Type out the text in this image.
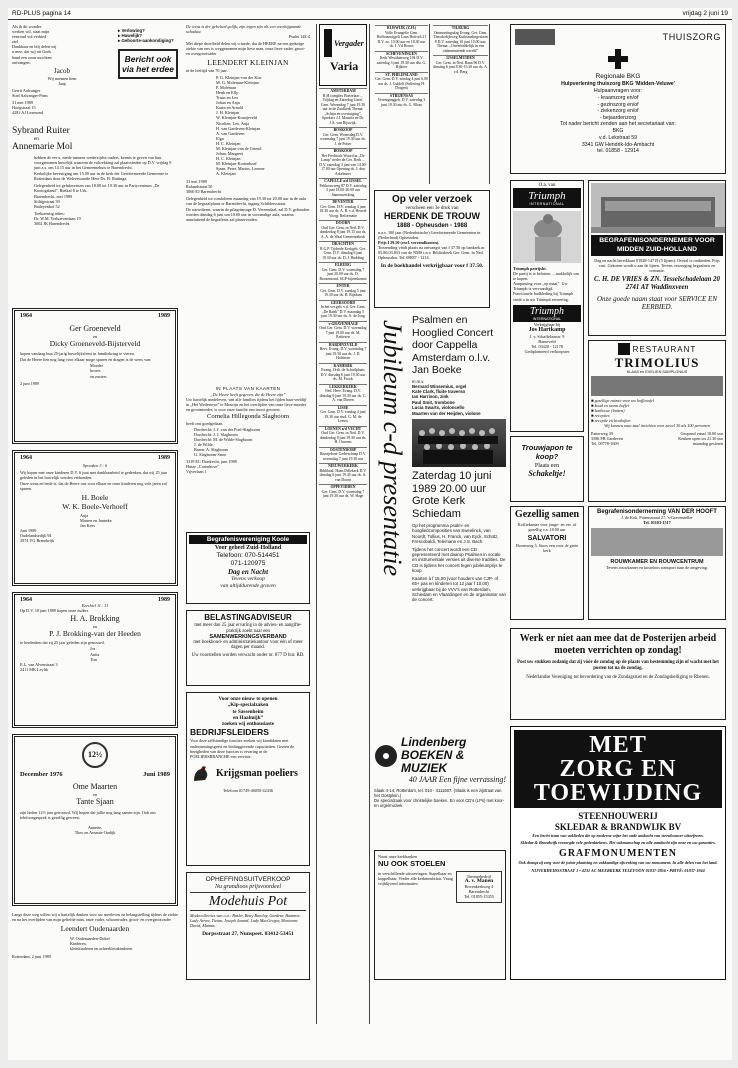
RD-PLUS pagina 14	vrijdag 2 juni 19
Als ik dit wonder
werken wil, staat mijn
eenvoud vol verbied
ziel
Dankbaar en blij delen wij
u mee, dat wij uit Gods
hand een zoon mochten
ontvangen:
Jacob
Wij noemen hem
Jaap
Gerrit Aalvanger
Stiel Aalvanger-Prins
31 mei 1989
Hoogstraat 15
4281 AJ Lexmond
▸ Verlowing?
▸ Huwelijk?
▸ Geboorte-aankondiging?
Bericht ook via het erdee
Sybrand Ruiter
en
Annemarie Mol

hebben de eer u, mede namens wederzijdse ouders, kennis te geven van hun voorgenomen huwelijk waarvan de voltrekking zal plaatsvinden op D.V. vrijdag 9 juni a.s. om 14.15 uur in het Gemeentehuis te Barendrecht.

Kerkelijke bevestiging om 15.00 uur in de kerk der Gereformeerde Gemeente te Rotterdam door de Weleerwaarde Heer Ds. B. Rattinga.

Gelegenheid tot gelukwensen van 18.00 tot 19.30 uur in Partycentrum „De Kooiogaland”, Rietkal 8 te Urk.

Barendrecht, mei 1989
Stiltijpstraat 39
Baileyenhof 52
Toekomstig adres:
Dr. W.M. Verhoevenlaan 19
3002 JK Barendrecht
1964	1989
Ger Groeneveld
en
Dicky Groeneveld-Bijsterveld

hopen vandaag hun 25-jarig huwelijksfeest in familiekring te vieren.

Dat de Heere hen nog lang voor elkaar moge sparen en dragen is de wens van:

Moeder
broers
en zusters
2 juni 1989
1964	1989
Spreuken 3 : 6

Wij hopen met onze kinderen D.V. 6 juni met dankbaarheid te gedenken, dat wij 25 jaar geleden in het huwelijk werden verbonden.

Onze wens en bede is, dat de Heere ons voor elkaar en onze kinderen nog vele jaren zal sparen.

H. Boele
W. K. Boele-Verhoeff
Anja
Marten en Janneke
Jan Kees
Juni 1989
Oudelandsedijk 94
2974 VG Brandwijk
1964	1989
Ezechiel 11 : 11

Op D.V. 10 juni 1989 hopen onze ouders

H. A. Brokking
en
P. J. Brokking-van der Heeden

te herdenken dat zij 25 jaar geleden zijn getrouwd.

Jos
Anita
Tim
E.L. van Alvenstraat 3
2411 MK Leylik
12½
December 1976	Juni 1989
Ome Maarten
en
Tante Sjaan

zijn heden 12½ jaar getrouwd. Wij hopen dat jullie nog lang samen zijn. Ook ons telefoongesprek is gezellig geweest.

Annette,
Theo en Arnaute Oudijk

Langs deze weg willen wij u hartelijk danken voor uw meeleven en belangstelling tijdens de ziekte en na het overlijden van mijn geliefde man, onze vader, schoonvader, groot- en overgrootvader

Leendert Oudenaarden
W. Oudenaarden-Dukel
Kinderen,
kleinkinderen en achterkleinkinderen
Rotterdam, 2 juni 1989
De wens is der gebelsed gelijk; zijn ingen zijn als een voorbijgaande schaduw.
Psalm 144:4

Met diepe droefheid delen wij u mede, dat de HEERE na een gedurige ziekte van ons is weggenomen mijn lieve man, onze lieve vader, groot- en overgrootvader

LEENDERT KLEINJAN
in de leeftijd van 76 jaar.
P. G. Kleinjan-van der Kist
M. G. Molenaar-Kleinjan
P. Molenaar
Henk en Elly
Truus en Leo
Johan en Anja
Karin en Arnold
J. H. Kleinjan
W. Kleinjan-Kraaijeveld
Nicolien, Leo, Anja
H. van Gardeven-Kleinjan
A. van Gardeven
Elga
H. C. Kleinjan
M. Kleinjan-van de Griend
Johan, Margreet
H. C. Kleinjan
M. Kleinjan-Kortenhoef
Sjaan, Peter, Marius, Leonne
A. Kleinjan
31 mei 1989
Rolandstraat 50
3060 EJ Barendrecht

Gelegenheid tot condoleren maandag van 19.30 tot 20.00 uur in de aula van de begraafplaats te Barendrecht, ingang Schildersstraat.

De rouwdienst, waarin de pilagrimsage D. Vereendaal, zal D.V. gehouden worden dinsdag 6 juni om 10.00 uur in voormalige aula, waarna aansluitend de begrafenis zal plaatsvinden.

IN PLAATS VAN KAARTEN
„De Heere heeft gegeven, die de Heere zijn”

Uw hartelijk medeleven, van alle families tijdens het lijden haar verblijf in „Het Wedesteyn” te Mourijn en het overlijden van onze lieve moeder en grootmoeder, is voor onze familie een troost geweest.

Cornelia Hillegonda Slagboom
heeft ons goedgedaan.
Dordrecht: J. J. van der Poel-Slagboom
Dordrecht: J. J. Slagboom
Dordrecht: M. de Wilde-Slagboom
J. de Wilde
Baarn: A. Slagboom
G. Slagboom-Snoo
3319 EC Dordrecht, juni 1989
Huize „Corenhove”
Vijverlaan 1
Begrafenisvereniging Koole
Voor geheel Zuid-Holland
Telefoon: 070-514451
071-120975
Dag en Nacht
Tevens verkoop
van altijddurende graven
BELASTINGADVISEUR
met meer dan 25 jaar ervaring in de advies- en aangifte-praktijk zoekt naar een
SAMENWERKINGSVERBAND
met boekhoud- en administratiekantoor voor één of meer dagen per maand.
Uw voorstellen worden verwacht onder nr. 877 D bur. RD.
Voor onze nieuw te openen
„Kip-specialzaken
te Sassenheim
en Haalmijk”
zoeken wij enthousiaste
BEDRIJFSLEIDERS

Voor deze zelfstandige functies zoeken wij kandidaten met ondernemingsgeest en leidinggevende capaciteiten. Gezien de bezigheden van deze functies is ervaring in de POELIERSBRANCHE een vereiste.

Krijgsman poeliers
Telefoon 01749-46050-42436
OPHEFFINGSUITVERKOOP
Nu grandioos prijsvoordeel
Modehuis Pot
Modecollecties van o.a.: Basler, Betty Barclay, Gardeur, Hammer, Lady Arrow, Tizian, Joseph Janard, Lady MacGregor, Marianne David, Mamas.
Dorpsstraat 27, Nunspeet. 03412-53451
Vergader
Varia
AMSTERDAM
R.H.complex Boezelaar ... Vrijdag en Zaterdag Geref. Gem. Woensdag 7 juni 19.30 uur in de Zuidkerk Thema: „Schijn en overtuiging”. Sprekers J.J. Mauritz en Dr. J.A. van Rijswijk.
BOSKOOP
Ger. Gem. Woensdag D.V. woensdag 7 juni 19.30 uur ds. J. de Potter
BOSKOOP
Het Preditoch Woord in „De Lamp” neder de Ger. Kerk ... D.V. zaterdag 3 juni van 14.00-17.00 uur Opening ds. J. den Arkelmeer
CAPELLE a/d IJSSEL
Peltkouwweg 87 D.V. zaterdag 3 juni 18.00-20.00 uur Samenwerking
DEVENTER
Ger. Gem. D.V. zondag 4 juni 18.30 uur ds. A. B. v.d. Heuvel Voorg. Reformatie
DOORN
Oud Ger. Gem. in Ned. D.V. donderdag 8 juni 19.15 uur ds. A. A. de Waal Gemeentekerk
DRACHTEN
R.G.P. Tijdrede Kerkgeb. Ger. Gem. D.V. dinsdag 6 juni 19.30 uur ds. D. J. Budding
ELBURG
Ger. Gem. D.V. woensdag 7 juni 20.00 uur ds. D. Roozemond. SGP-bijeenkomst
ENTER
Ger. Gem. D.V. zondag 5 juni 19.30 uur ds. B. Rijsdam
GEERSOORD
In het ver.geb. v.d. Ger. Gem. „De Rank” D.V. maandag 5 juni 19.30 uur ds. A. de Jong
's-GRAVENHAGE
Oud Ger. Gem. D.V. woensdag 7 juni 19.00 uur ds. M. Pattiesen
HARDINXVELD
Herv. Evang. D.V. woensdag 7 juni 19.30 uur ds. J. D. Hoffman
KAMERIK
Evang. Orth. de Schuilplaats D.V. dinsdag 6 juni 19.30 uur ds. M. Frook
LEKKERKERK
Ned. Herv. Evang. D.V. dinsdag 6 juni 19.30 uur ds. C. A. van Dieren
LISSE
Ger. Gem. D.V. zondag 4 juni 19.30 uur stud. G. M. de Leeuw
LOENEN a/d VECHT
Oud Ger. Gem. in Ned. D.V. donderdag 8 juni 19.30 uur ds. H. Ouwens
OOSTENDORP
Baartjeboer Gedreschaap D.V. woensdag 7 juni 19.30 uur
NIEUWERKERK
Biblikaal. Haan Dillekerk D.V. dinsdag 6 juni 19.45 uur ds. A. van Doorn
OPPEVIDDEN
Ger. Gem. D.V. woensdag 7 juni 19.30 uur ds. W. Hage
RIJSWIJK (Z.H.)
Volle Evangelie Gem. Hofbrauwijgelt Laan Hofroth 21 D.V. zo. 10.00 uur en 18.30 uur ds. J. Vd Hoorn
SCHEVENINGEN
Kerk Westduinweg 194 D.V. zaterdag 3 juni 19.30 uur dhr. G. Rijkeer
ST. PHILIPSLAND
Ger. Gem. D.V. zondag 4 juni 6.00 uur ds. J. Guldelt (Selfering H. Dorgen)
STRIJENSAS
Vereniginggeb. D.V. zaterdag 3 juni 19.30 uur ds. G. Blom
TILBURG
Ontmoetingsdag Evang. Ger. Gem. Theodorlijkweg Kuiksmelingeslaan 8 D.V. zaterdag 10 juni 10.00 uur. Thema: „Onverbiddelijk in een onbeminnende wereld”
IJSSELMUIDEN
Ger. Gem. in Ned. Baan 96 D.V. dinsdag 6 juni 8.30-15.30 uur ds. A. v.d. Berg
Op veler verzoek
verscheen een 3e druk van
HERDENK DE TROUW
1888 - Opheusden - 1988
n.a.v. 100 jaar (Nederduitsche) Gereformeerde Gemeenten in (Nederland) Opheusden.
Prijs f 29.50 (excl. verzendkosten).
Toezending vindt plaats na ontvangst van f 37.50 op bankrek.nr. 05.86.03.833 van de NMS t.n.v. Bibliotheek Ger. Gem. in Ned. Opheusden. Tel. 08887 - 1214.
In de boekhandel verkrijgbaar voor f 37.50.
Jubileum c-d presentatie Psalmen en Hooglied Concert door Cappella Amsterdam o.l.v. Jan Boeke
m.m.v.
Bernard Winsemius, orgel
Kate Clark, fluite traverso
Ian Harrison, zink
Paul Smit, trombone
Lucia Swarts, violoncello
Maarten van der Heijden, violone
Zaterdag 10 juni 1989 20.00 uur
Grote Kerk Schiedam
Op het programma psalm- en hoogliedcomposities van Sweelinck, van Noordt, Tollius, H. Franck, van Eyck, Schütz, Frescobaldi, Telemann en J.S. Bach.
Tijdens het concert wordt een CD gepresenteerd met daarop Psalmen in vocale en instrumentale versies uit diverse tradities. De CD is tijdens het concert tegen jubileumprijs te koop.
Kaarten à f 15,00 (voor houders van CJP- of 65+ pas en kinderen tot 12 jaar f 10,00) verkrijgbaar bij de VVV's van Rotterdam, Schiedam en Vlaardingen en de organisator van de concert:
Lindenberg BOEKEN & MUZIEK
40 JAAR Een fijne verrassing!
Slaak 4-14, Rotterdam, tel. 010 - 4111607. (Slaak is een zijstraat van het Oostplein.)
De specialzaak voor christelijke boeken. En voor CD's (LPs) met koor- en orgelmuziek.
Naast onze kerkbanken
NU OOK STOELEN
in verschillende uitvoeringen. Stapelbaar en koppelbaar. Verder alle kerkmeubilair. Vraag vrijblijvend informaties.
Timmerbedrijf
A. v. Manen
Bovenkerkweg 4
Barendrecht
Tel. 01855-15355
THUISZORG
Regionale BKG
Hulpverlening thuiszorg BKG 'Midden-Veluwe'
Hulpaanvragen voor:
- kraamzorg en/of
- gezinszorg en/of
- ziekenzorg en/of
- bejaardenzorg
Tot nader bericht zenden aan het secretariaat van:
BKG
v.d. Lekstraat 59
3341 GW Hendrik-Ido-Ambacht
tel. 01858 - 12914
O.a. van
Triumph
INTERNATIONAL
Triumph patrijsbt.
De partij is te belasten ... makkelijk om te kopen.
Aanpassing voor „op maat”. Uw Triumph is vervaardigd.
Functionele badkleding bij Triumph vindt u in uw Triumph ervoering.
Triumph
INTERNATIONAL
Verkrijgbaar bij
Jos Hartkamp
J. v. Schaffelaarstr. 9
Barneveld
Tel. 03420 - 12178
Gediplomeerd verkoopster
BEGRAFENISONDERNEMER VOOR MIDDEN ZUID-HOLLAND
Dag en nacht bereikbaar 01828-14719 (5 lijnen). Overal te ontbieden. Prijs vast. Gekozen wordt u aan de lijnen. Tevens verzorging begrafenis en crematie.
C. H. DE VRIES & ZN. Tesselschadelaan 20 2741 AT Waddinxveen
Onze goede naam staat voor SERVICE EN EERBIED.
RESTAURANT
TRIMOLIUS
KLAAS en EVELIEN SAMPLONIUS
■ gezellige ruimte voor uw koffietafel
■ koud en warm buffet
■ barbecue (buiten)
■ recepties
■ receptie en bruiloften
Wij kunnen onze zaal inrichten voor zowel 30 als 100 personen
Patterweg 39
3586 PB Gardeven
Tel. 00778-1609
Geopend vanaf 10.00 uur
Keuken open tot 21.30 uur
maandag gesloten
Trouwjapon te koop?
Plaats een
Schakeltje!
Gezellig samen
Koffiekamer voor jonge- en ver. of gezellig v.a. 18.00 uur
SALVATORI
Hoornweg 3, Stoos een voor de grote kerk
Begrafenisonderneming VAN DER HOOFT
J. de Kok, Prunusstraat 27, 's-Gravenzeller
Tel. 01103-1517
ROUWKAMER EN ROUWCENTRUM
Tevens rouwkamer en kosteloos transport naar de omgeving.
Werk er niet aan mee dat de Posterijen arbeid moeten verrichten op zondag!
Post uw stukken zodanig dat zij vóór de zondag op de plaats van bestemming zijn of wacht met het posten tot na de zondag.
Nederlandse Vereniging tot bevordering van de Zondagsrust en de Zondagsheiliging te Rhenen.
MET
ZORG EN
TOEWIJDING
STEENHOUWERIJ
SKLEDAR & BRANDWIJK BV
Een hecht team van vaklieden die op moderne wijze het oude ambacht van steenhouwer uitoefenen.
Skledar & Brandwijk verzorgde vele gedenktekens. Het vakmanschap en alle aandacht zijn onze en uw garanties.
GRAFMONUMENTEN
Ook draagt zij zorg voor de juiste plaatsing en vakkundige afwerking van uw monument. In alle delen van het land.
NIJVERHEIDSSTRAAT 1 • 4231 AC MEERKERK TELEFOON 01837-2856 • PRIVÉ: 01837-1944
